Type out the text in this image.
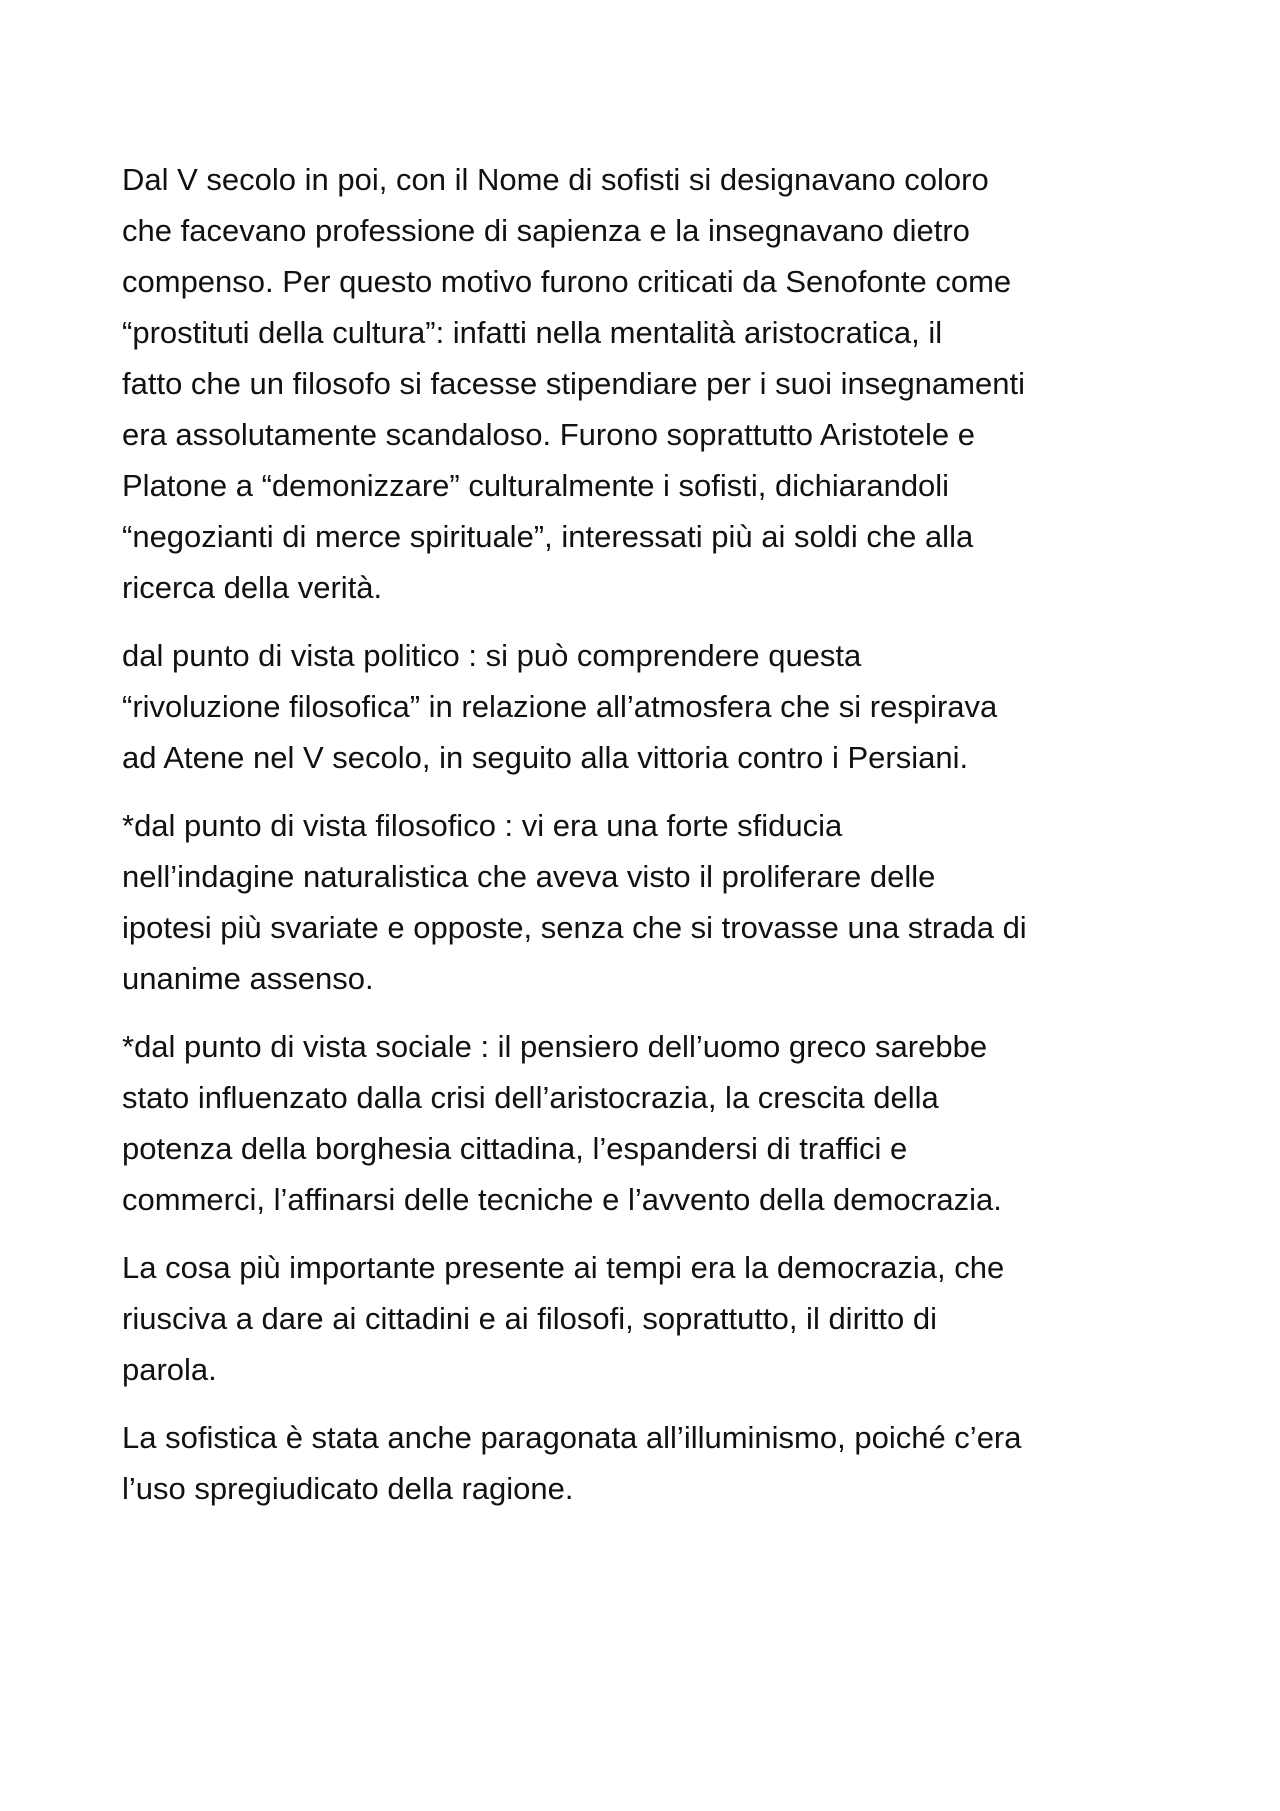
Dal V secolo in poi, con il Nome di sofisti si designavano coloro
che facevano professione di sapienza e la insegnavano dietro
compenso. Per questo motivo furono criticati da Senofonte come
“prostituti della cultura”: infatti nella mentalità aristocratica, il
fatto che un filosofo si facesse stipendiare per i suoi insegnamenti
era assolutamente scandaloso. Furono soprattutto Aristotele e
Platone a “demonizzare” culturalmente i sofisti, dichiarandoli
“negozianti di merce spirituale”, interessati più ai soldi che alla
ricerca della verità.

dal punto di vista politico : si può comprendere questa
“rivoluzione filosofica” in relazione all’atmosfera che si respirava
ad Atene nel V secolo, in seguito alla vittoria contro i Persiani.

*dal punto di vista filosofico : vi era una forte sfiducia
nell’indagine naturalistica che aveva visto il proliferare delle
ipotesi più svariate e opposte, senza che si trovasse una strada di
unanime assenso.

*dal punto di vista sociale : il pensiero dell’uomo greco sarebbe
stato influenzato dalla crisi dell’aristocrazia, la crescita della
potenza della borghesia cittadina, l’espandersi di traffici e
commerci, l’affinarsi delle tecniche e l’avvento della democrazia.

La cosa più importante presente ai tempi era la democrazia, che
riusciva a dare ai cittadini e ai filosofi, soprattutto, il diritto di
parola.

La sofistica è stata anche paragonata all’illuminismo, poiché c’era
l’uso spregiudicato della ragione.
